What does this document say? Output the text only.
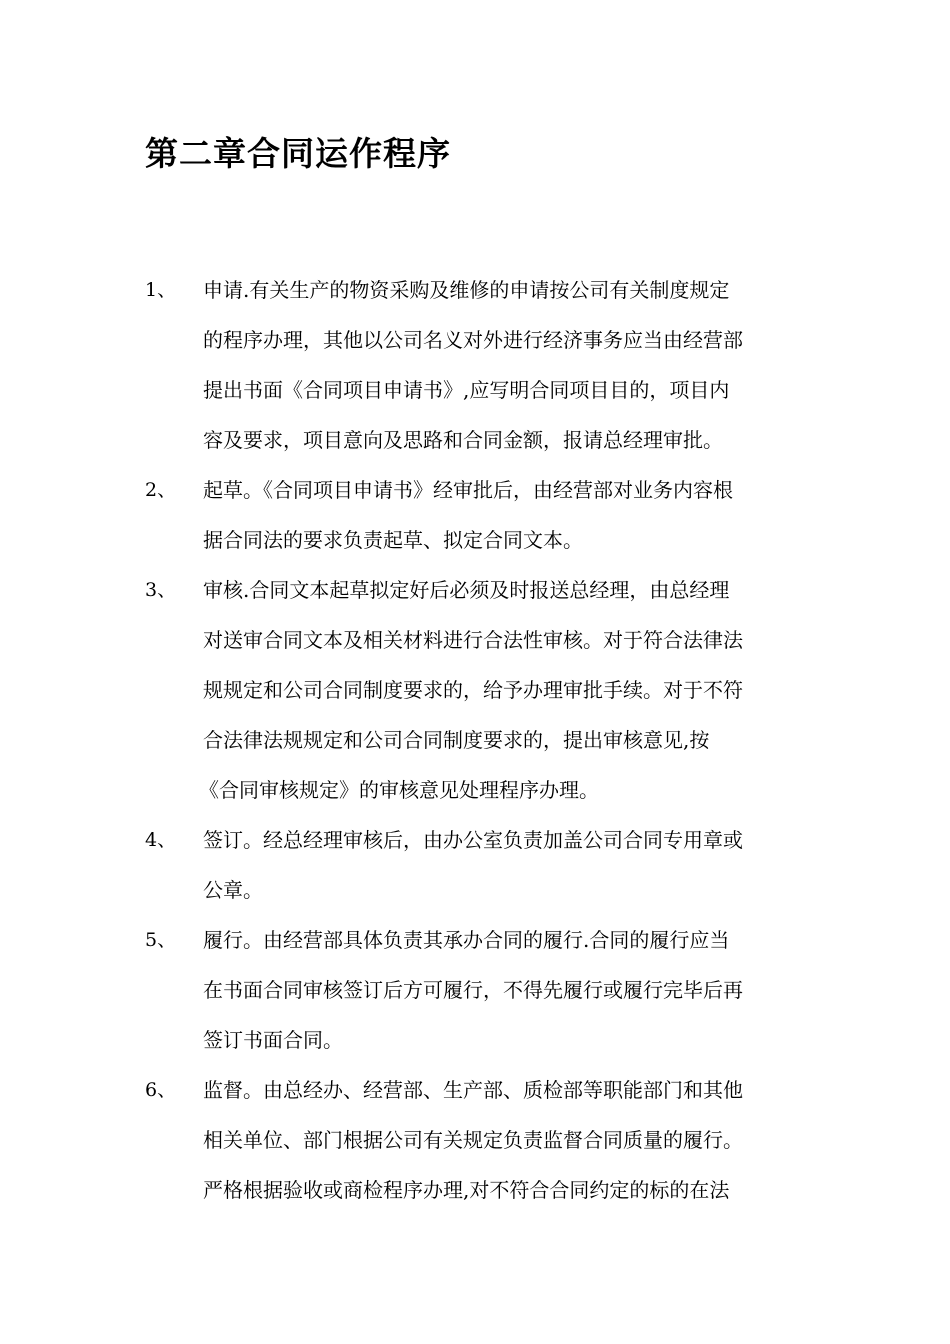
第二章合同运作程序
1、 申请.有关生产的物资采购及维修的申请按公司有关制度规定
的程序办理，其他以公司名义对外进行经济事务应当由经营部
提出书面《合同项目申请书》,应写明合同项目目的，项目内
容及要求，项目意向及思路和合同金额，报请总经理审批。
2、 起草。《合同项目申请书》经审批后，由经营部对业务内容根
据合同法的要求负责起草、拟定合同文本。
3、 审核.合同文本起草拟定好后必须及时报送总经理，由总经理
对送审合同文本及相关材料进行合法性审核。对于符合法律法
规规定和公司合同制度要求的，给予办理审批手续。对于不符
合法律法规规定和公司合同制度要求的，提出审核意见,按
《合同审核规定》的审核意见处理程序办理。
4、 签订。经总经理审核后，由办公室负责加盖公司合同专用章或
公章。
5、 履行。由经营部具体负责其承办合同的履行.合同的履行应当
在书面合同审核签订后方可履行，不得先履行或履行完毕后再
签订书面合同。
6、 监督。由总经办、经营部、生产部、质检部等职能部门和其他
相关单位、部门根据公司有关规定负责监督合同质量的履行。
严格根据验收或商检程序办理,对不符合合同约定的标的在法
